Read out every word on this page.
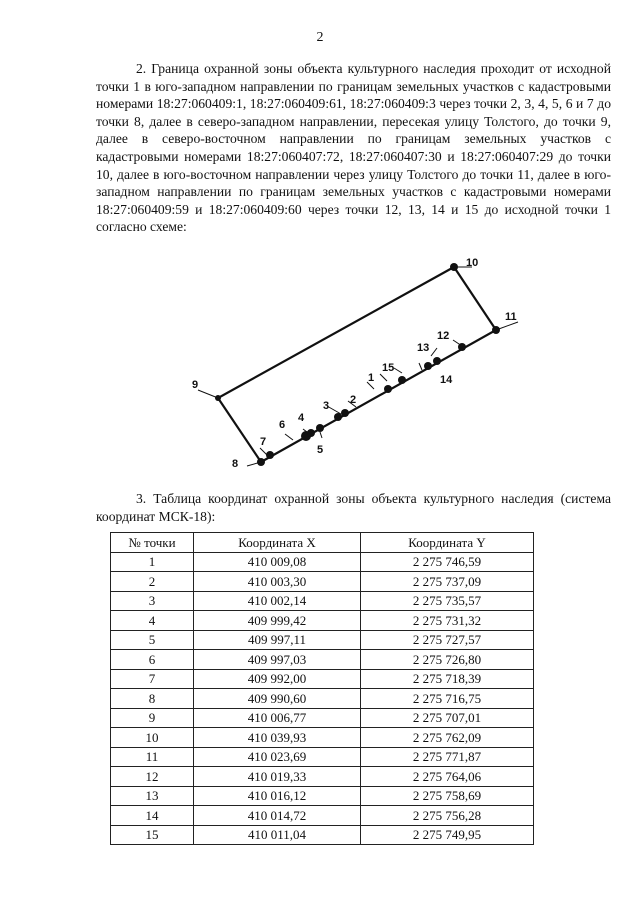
2

2. Граница охранной зоны объекта культурного наследия проходит от исходной точки 1 в юго-западном направлении по границам земельных участков с кадастровыми номерами 18:27:060409:1, 18:27:060409:61, 18:27:060409:3 через точки 2, 3, 4, 5, 6 и 7 до точки 8, далее в северо-западном направлении, пересекая улицу Толстого, до точки 9, далее в северо-восточном направлении по границам земельных участков с кадастровыми номерами 18:27:060407:72, 18:27:060407:30 и 18:27:060407:29 до точки 10, далее в юго-восточном направлении через улицу Толстого до точки 11, далее в юго-западном направлении по границам земельных участков с кадастровыми номерами 18:27:060409:59 и 18:27:060409:60 через точки 12, 13, 14 и 15 до исходной точки 1 согласно схеме:

10
11
9
8
7
6
4
5
3 2
1
15
13
14
12

3. Таблица координат охранной зоны объекта культурного наследия (система координат МСК-18):

№ точки	Координата X	Координата Y
1	410 009,08	2 275 746,59
2	410 003,30	2 275 737,09
3	410 002,14	2 275 735,57
4	409 999,42	2 275 731,32
5	409 997,11	2 275 727,57
6	409 997,03	2 275 726,80
7	409 992,00	2 275 718,39
8	409 990,60	2 275 716,75
9	410 006,77	2 275 707,01
10	410 039,93	2 275 762,09
11	410 023,69	2 275 771,87
12	410 019,33	2 275 764,06
13	410 016,12	2 275 758,69
14	410 014,72	2 275 756,28
15	410 011,04	2 275 749,95
